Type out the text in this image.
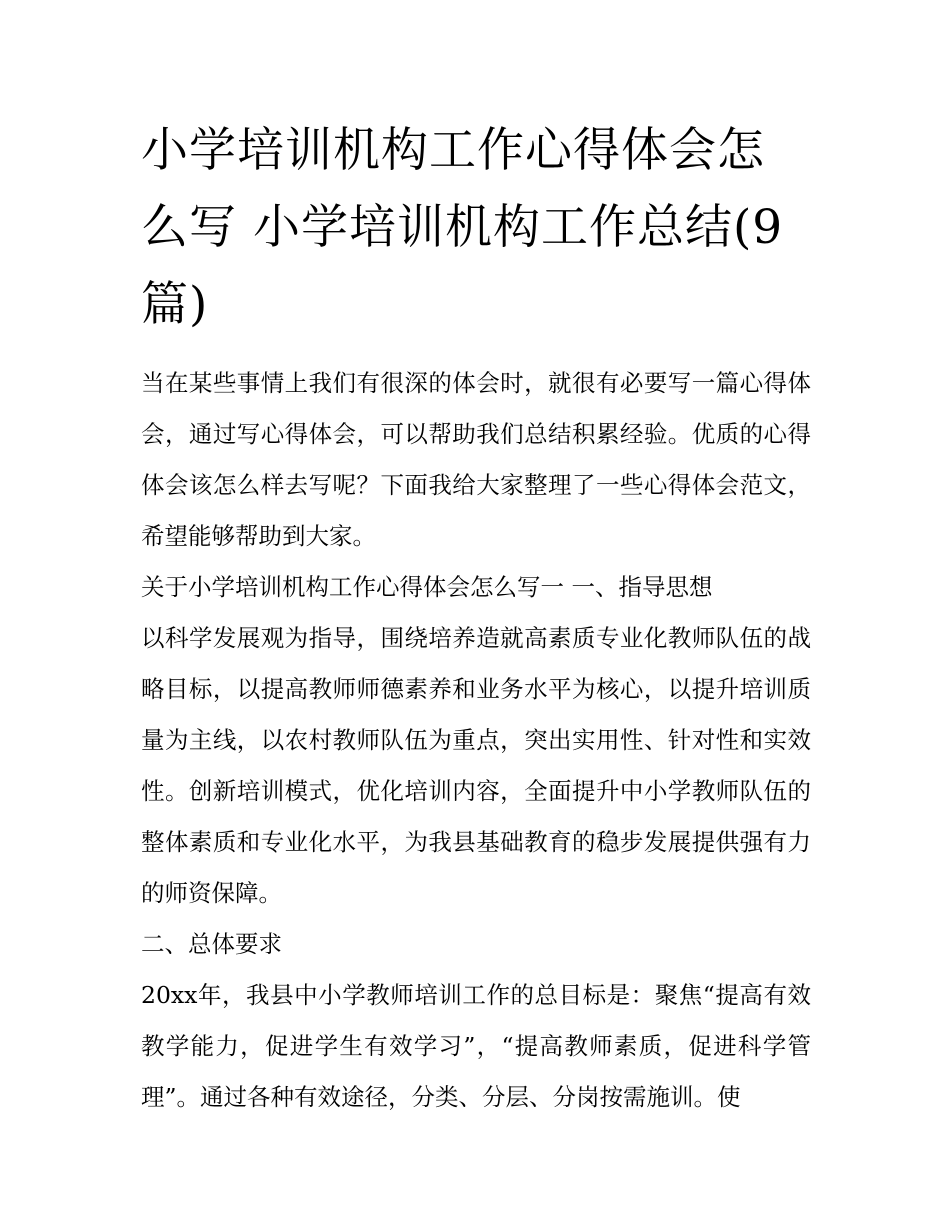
小学培训机构工作心得体会怎么写 小学培训机构工作总结(9篇)

当在某些事情上我们有很深的体会时，就很有必要写一篇心得体会，通过写心得体会，可以帮助我们总结积累经验。优质的心得体会该怎么样去写呢？下面我给大家整理了一些心得体会范文，希望能够帮助到大家。

关于小学培训机构工作心得体会怎么写一 一、指导思想

以科学发展观为指导，围绕培养造就高素质专业化教师队伍的战略目标，以提高教师师德素养和业务水平为核心，以提升培训质量为主线，以农村教师队伍为重点，突出实用性、针对性和实效性。创新培训模式，优化培训内容，全面提升中小学教师队伍的整体素质和专业化水平，为我县基础教育的稳步发展提供强有力的师资保障。

二、总体要求

20xx年，我县中小学教师培训工作的总目标是：聚焦“提高有效教学能力，促进学生有效学习”，“提高教师素质，促进科学管理”。通过各种有效途径，分类、分层、分岗按需施训。使
